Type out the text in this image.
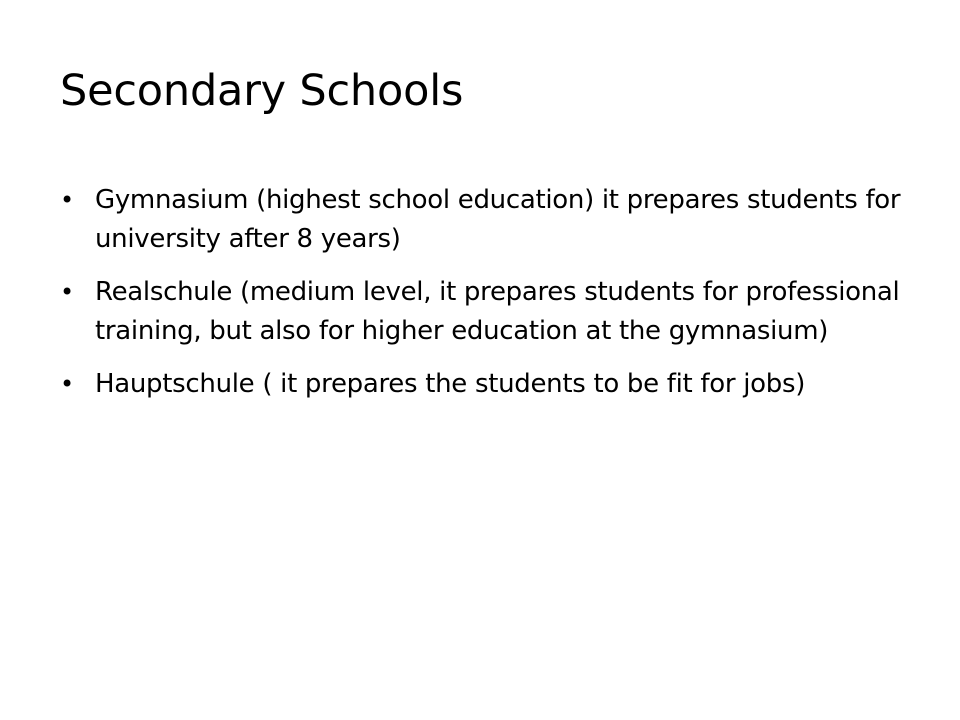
Secondary Schools
• Gymnasium (highest school education) it prepares students for university after 8 years)
• Realschule (medium level, it prepares students for professional training, but also for higher education at the gymnasium)
• Hauptschule ( it prepares the students to be fit for jobs)
